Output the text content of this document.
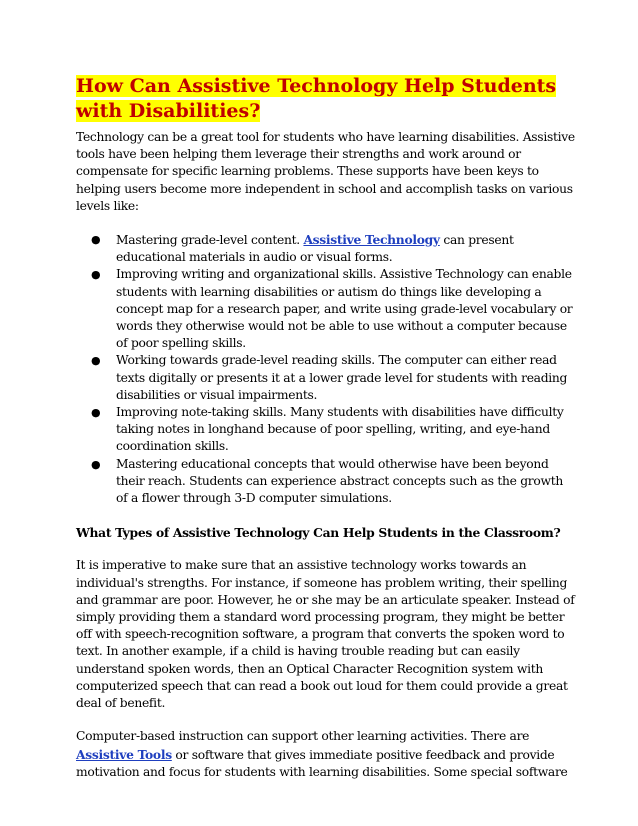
How Can Assistive Technology Help Students
with Disabilities?

Technology can be a great tool for students who have learning disabilities. Assistive tools have been helping them leverage their strengths and work around or compensate for specific learning problems. These supports have been keys to helping users become more independent in school and accomplish tasks on various levels like:

● Mastering grade-level content. Assistive Technology can present educational materials in audio or visual forms.
● Improving writing and organizational skills. Assistive Technology can enable students with learning disabilities or autism do things like developing a concept map for a research paper, and write using grade-level vocabulary or words they otherwise would not be able to use without a computer because of poor spelling skills.
● Working towards grade-level reading skills. The computer can either read texts digitally or presents it at a lower grade level for students with reading disabilities or visual impairments.
● Improving note-taking skills. Many students with disabilities have difficulty taking notes in longhand because of poor spelling, writing, and eye-hand coordination skills.
● Mastering educational concepts that would otherwise have been beyond their reach. Students can experience abstract concepts such as the growth of a flower through 3-D computer simulations.

What Types of Assistive Technology Can Help Students in the Classroom?

It is imperative to make sure that an assistive technology works towards an individual's strengths. For instance, if someone has problem writing, their spelling and grammar are poor. However, he or she may be an articulate speaker. Instead of simply providing them a standard word processing program, they might be better off with speech-recognition software, a program that converts the spoken word to text. In another example, if a child is having trouble reading but can easily understand spoken words, then an Optical Character Recognition system with computerized speech that can read a book out loud for them could provide a great deal of benefit.

Computer-based instruction can support other learning activities. There are Assistive Tools or software that gives immediate positive feedback and provide motivation and focus for students with learning disabilities. Some special software
